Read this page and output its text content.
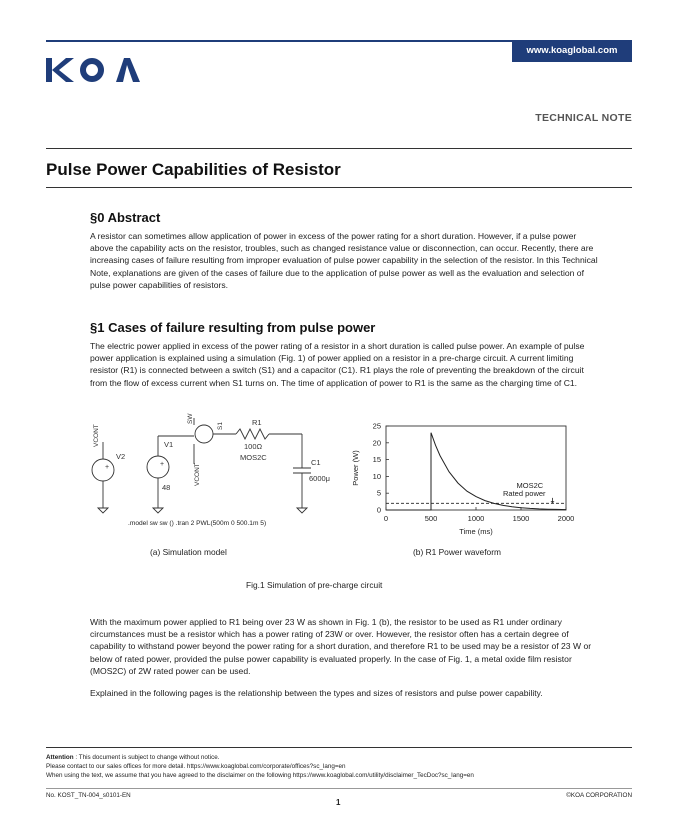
www.koaglobal.com
TECHNICAL NOTE
Pulse Power Capabilities of Resistor
§0 Abstract

A resistor can sometimes allow application of power in excess of the power rating for a short duration. However, if a pulse power above the capability acts on the resistor, troubles, such as changed resistance value or disconnection, can occur. Recently, there are increasing cases of failure resulting from improper evaluation of pulse power capability in the selection of the resistor. In this Technical Note, explanations are given of the cases of failure due to the application of pulse power as well as the evaluation and selection of pulse power capabilities of resistors.

§1 Cases of failure resulting from pulse power

The electric power applied in excess of the power rating of a resistor in a short duration is called pulse power. An example of pulse power application is explained using a simulation (Fig. 1) of power applied on a resistor in a pre-charge circuit. A current limiting resistor (R1) is connected between a switch (S1) and a capacitor (C1). R1 plays the role of preventing the breakdown of the circuit from the flow of excess current when S1 turns on. The time of application of power to R1 is the same as the charging time of C1.

+	+
V2
V1
48
C1
6000μ
R1
100Ω
MOS2C
VCONT
SW
S1
VCONT
.model sw sw () .tran 2 PWL(500m 0 500.1m 5)
(a) Simulation model
0
5
10
15
20
25
0	500	1000	1500	2000
Time (ms)
Power (W)	MOS2C
Rated power
(b) R1 Power waveform
Fig.1 Simulation of pre-charge circuit

With the maximum power applied to R1 being over 23 W as shown in Fig. 1 (b), the resistor to be used as R1 under ordinary circumstances must be a resistor which has a power rating of 23W or over. However, the resistor often has a certain degree of capability to withstand power beyond the power rating for a short duration, and therefore R1 to be used may be a resistor of 23 W or below of rated power, provided the pulse power capability is evaluated properly. In the case of Fig. 1, a metal oxide film resistor (MOS2C) of 2W rated power can be used.

Explained in the following pages is the relationship between the types and sizes of resistors and pulse power capability.

Attention : This document is subject to change without notice.
Please contact to our sales offices for more detail. https://www.koaglobal.com/corporate/offices?sc_lang=en
When using the text, we assume that you have agreed to the disclaimer on the following https://www.koaglobal.com/utility/disclaimer_TecDoc?sc_lang=en
No. KOST_TN-004_s0101-EN
1
©KOA CORPORATION
